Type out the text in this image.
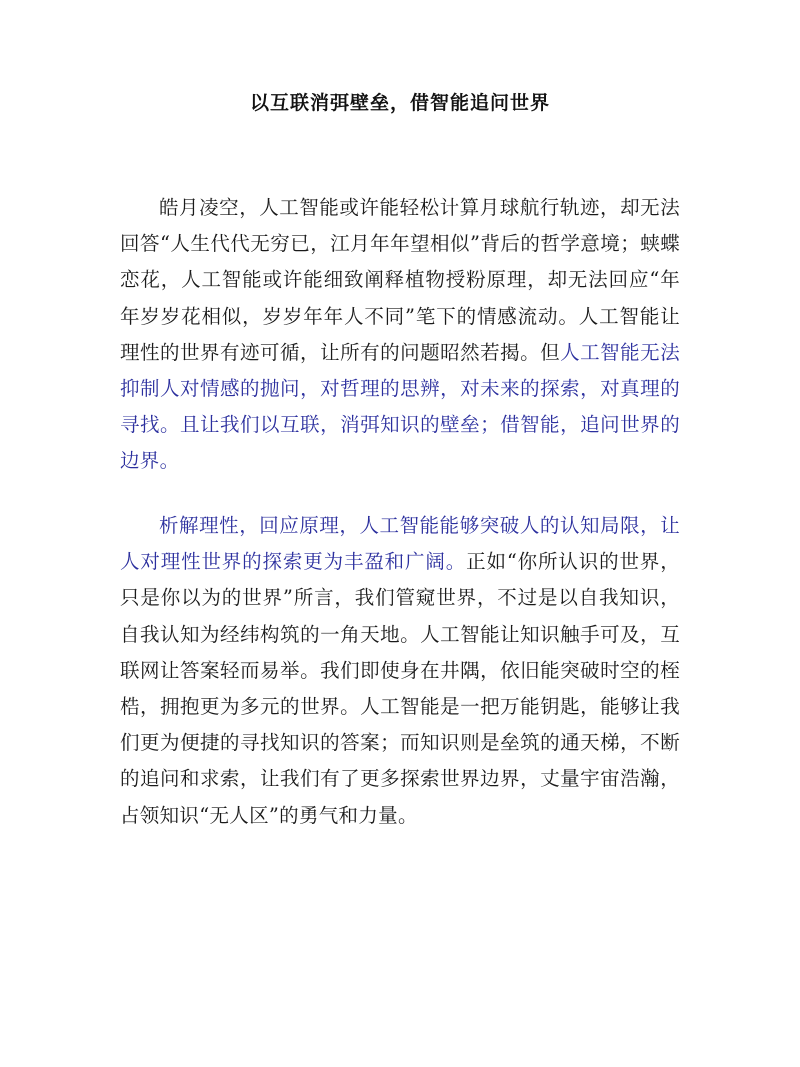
以互联消弭壁垒，借智能追问世界
皓月凌空，人工智能或许能轻松计算月球航行轨迹，却无法回答“人生代代无穷已，江月年年望相似”背后的哲学意境；蛱蝶恋花，人工智能或许能细致阐释植物授粉原理，却无法回应“年年岁岁花相似，岁岁年年人不同”笔下的情感流动。人工智能让理性的世界有迹可循，让所有的问题昭然若揭。但人工智能无法抑制人对情感的抛问，对哲理的思辨，对未来的探索，对真理的寻找。且让我们以互联，消弭知识的壁垒；借智能，追问世界的边界。
析解理性，回应原理，人工智能能够突破人的认知局限，让人对理性世界的探索更为丰盈和广阔。正如“你所认识的世界，只是你以为的世界”所言，我们管窥世界，不过是以自我知识，自我认知为经纬构筑的一角天地。人工智能让知识触手可及，互联网让答案轻而易举。我们即使身在井隅，依旧能突破时空的桎梏，拥抱更为多元的世界。人工智能是一把万能钥匙，能够让我们更为便捷的寻找知识的答案；而知识则是垒筑的通天梯，不断的追问和求索，让我们有了更多探索世界边界，丈量宇宙浩瀚，占领知识“无人区”的勇气和力量。
